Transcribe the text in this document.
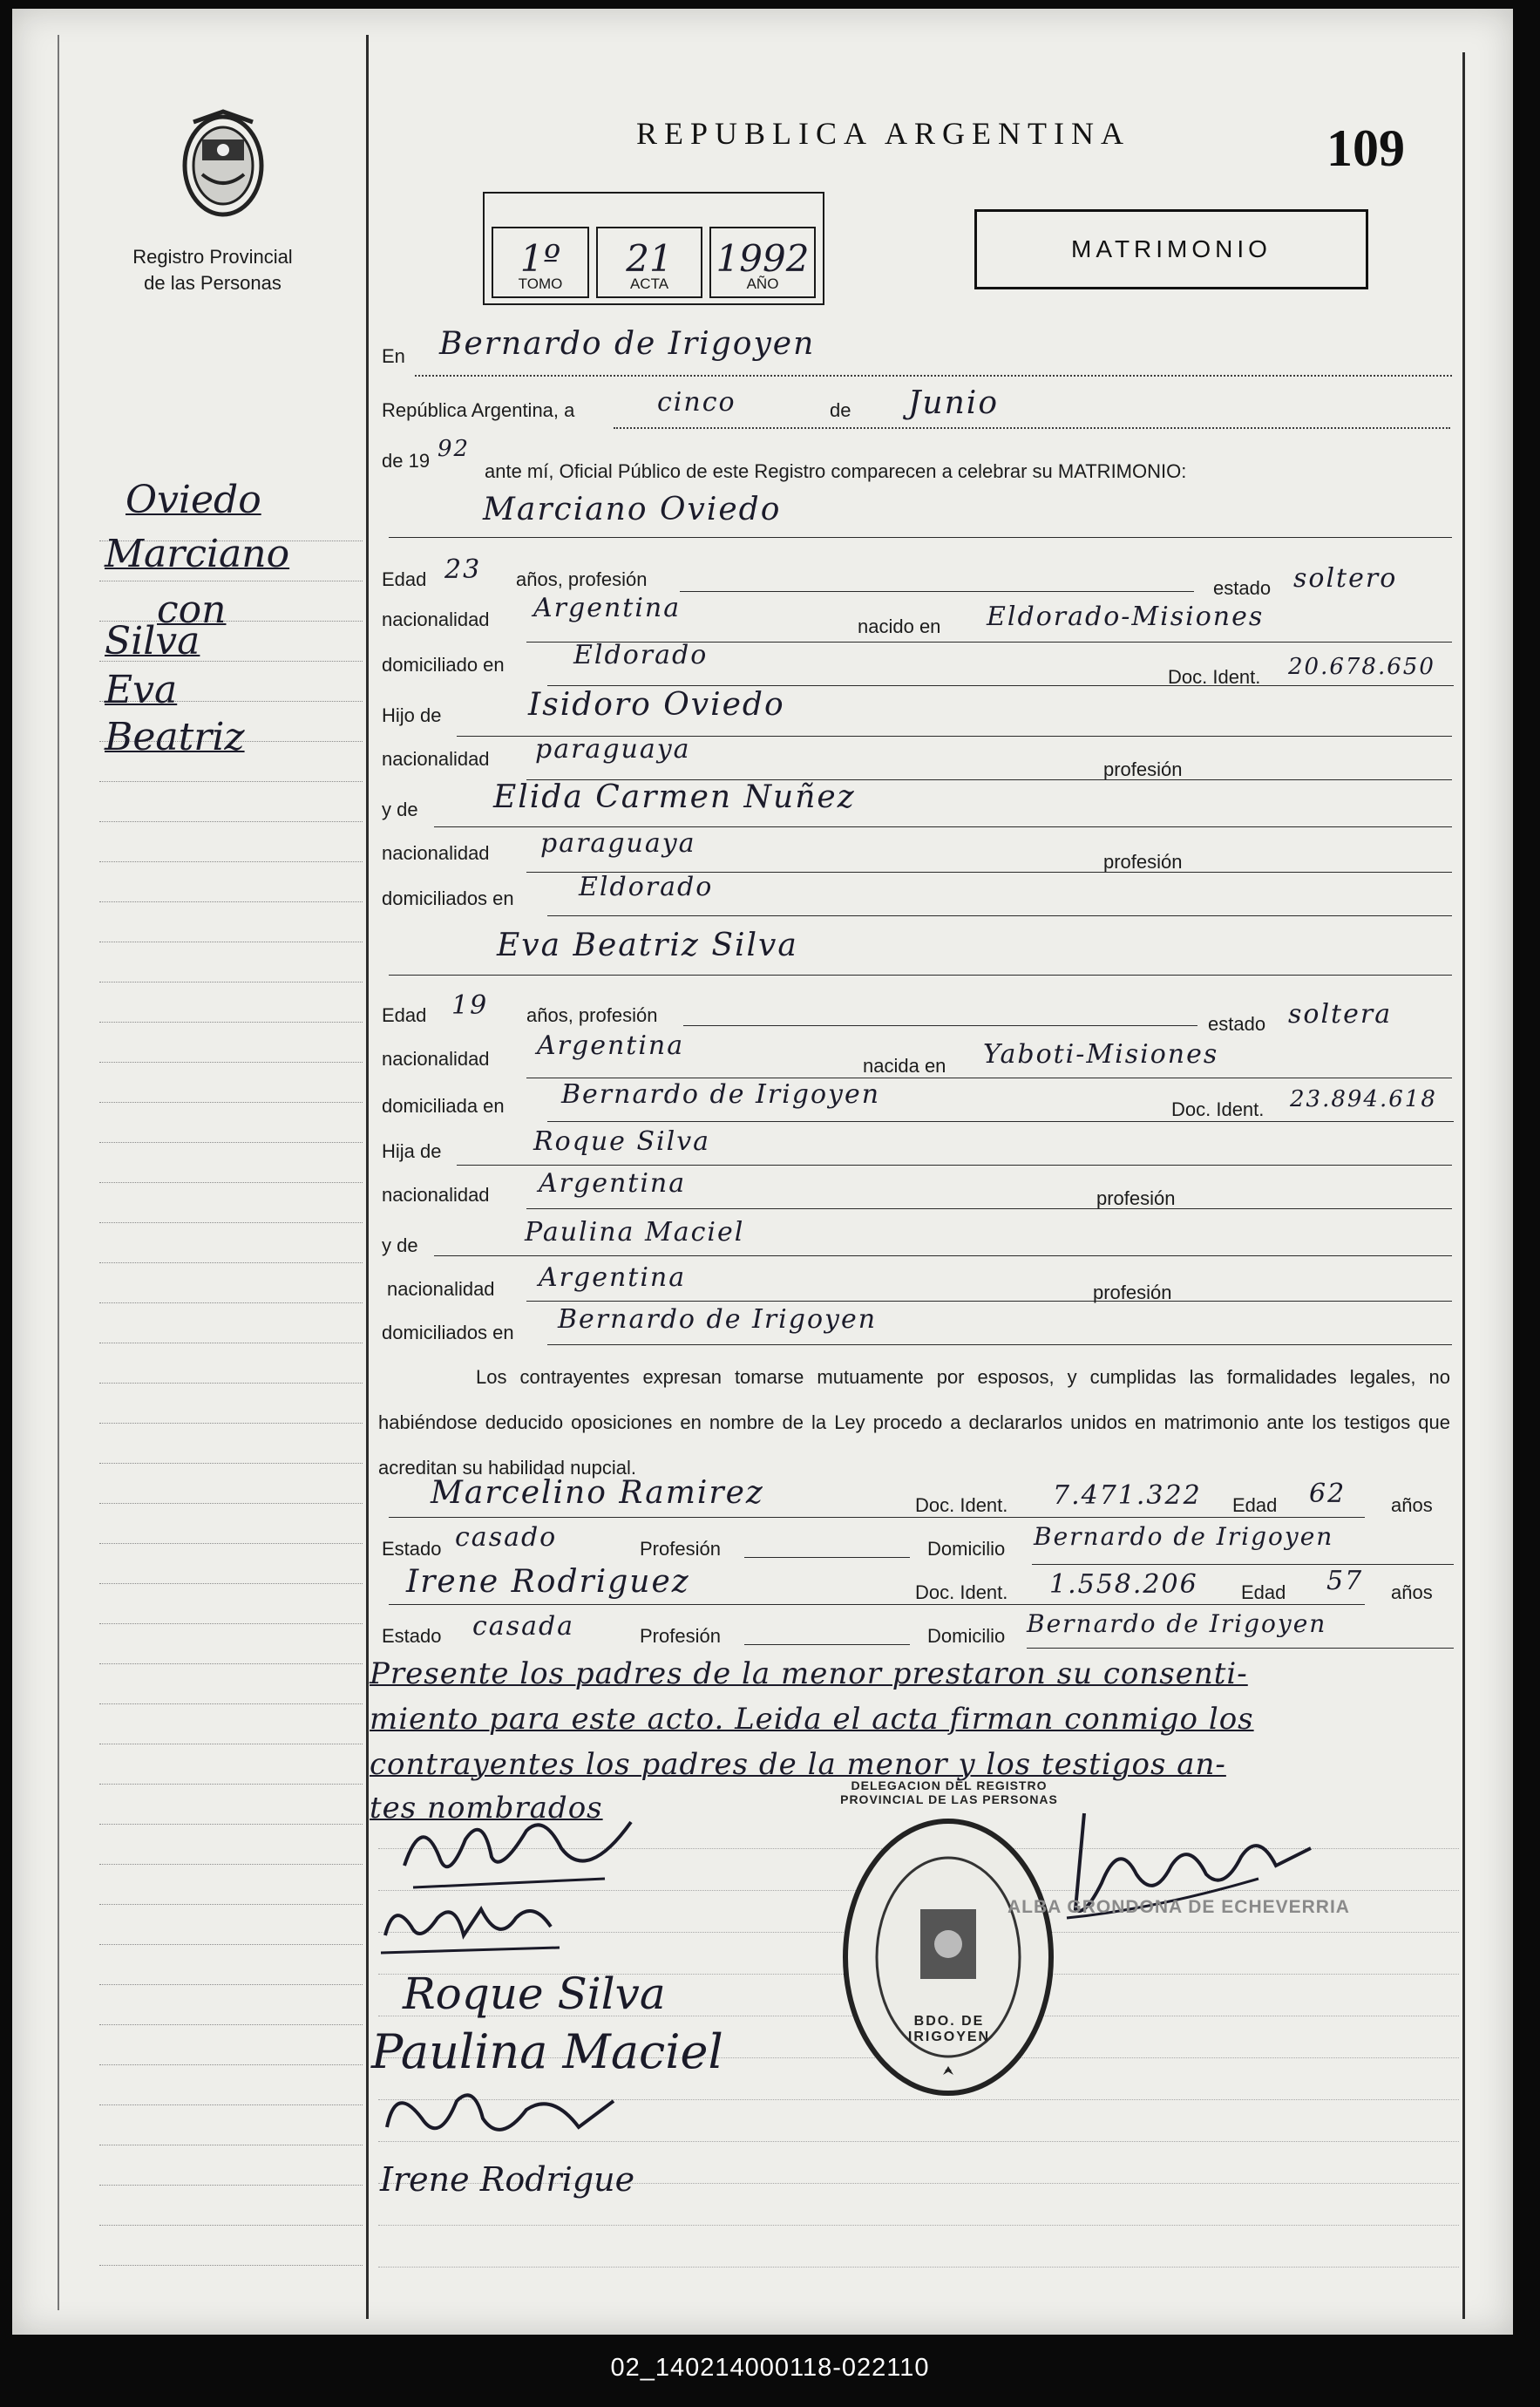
Registro Provincial
de las Personas
REPUBLICA ARGENTINA	109
1º
TOMO
21
ACTA
1992
AÑO
MATRIMONIO
Oviedo
Marciano
con
Silva
Eva
Beatriz
En Bernardo de Irigoyen
República Argentina, a	cinco	de Junio
de 19 92
ante mí, Oficial Público de este Registro comparecen a celebrar su MATRIMONIO:
Marciano Oviedo
Edad 23 años, profesión	estado soltero
nacionalidad Argentina
nacido en Eldorado-Misiones
domiciliado en	Eldorado
Doc. Ident. 20.678.650
Hijo de	Isidoro Oviedo
nacionalidad paraguaya
profesión
y de Elida Carmen Nuñez
nacionalidad paraguaya
profesión
domiciliados en Eldorado
Eva Beatriz Silva
Edad 19 años, profesión	estado soltera
nacionalidad Argentina
nacida en Yaboti-Misiones
domiciliada en Bernardo de Irigoyen	Doc. Ident. 23.894.618
Hija de	Roque Silva
nacionalidad Argentina	profesión
y de	Paulina Maciel
nacionalidad Argentina	profesión
domiciliados en Bernardo de Irigoyen
Los contrayentes expresan tomarse mutuamente por esposos, y cumplidas las formalidades legales, no habiéndose deducido oposiciones en nombre de la Ley procedo a declararlos unidos en matrimonio ante los testigos que acreditan su habilidad nupcial.
Marcelino Ramirez	Doc. Ident. 7.471.322 Edad 62 años
Estado casado	Profesión	Domicilio Bernardo de Irigoyen
Irene Rodriguez	Doc. Ident. 1.558.206 Edad 57 años
Estado casada	Profesión	Domicilio Bernardo de Irigoyen
Presente los padres de la menor prestaron su consenti-
miento para este acto. Leida el acta firman conmigo los
contrayentes los padres de la menor y los testigos an-
tes nombrados
Roque Silva
Paulina Maciel
Irene Rodrigue
DELEGACION DEL REGISTRO PROVINCIAL DE LAS PERSONAS
BDO. DE IRIGOYEN
ALBA GRONDONA DE ECHEVERRIA
02_140214000118-022110
